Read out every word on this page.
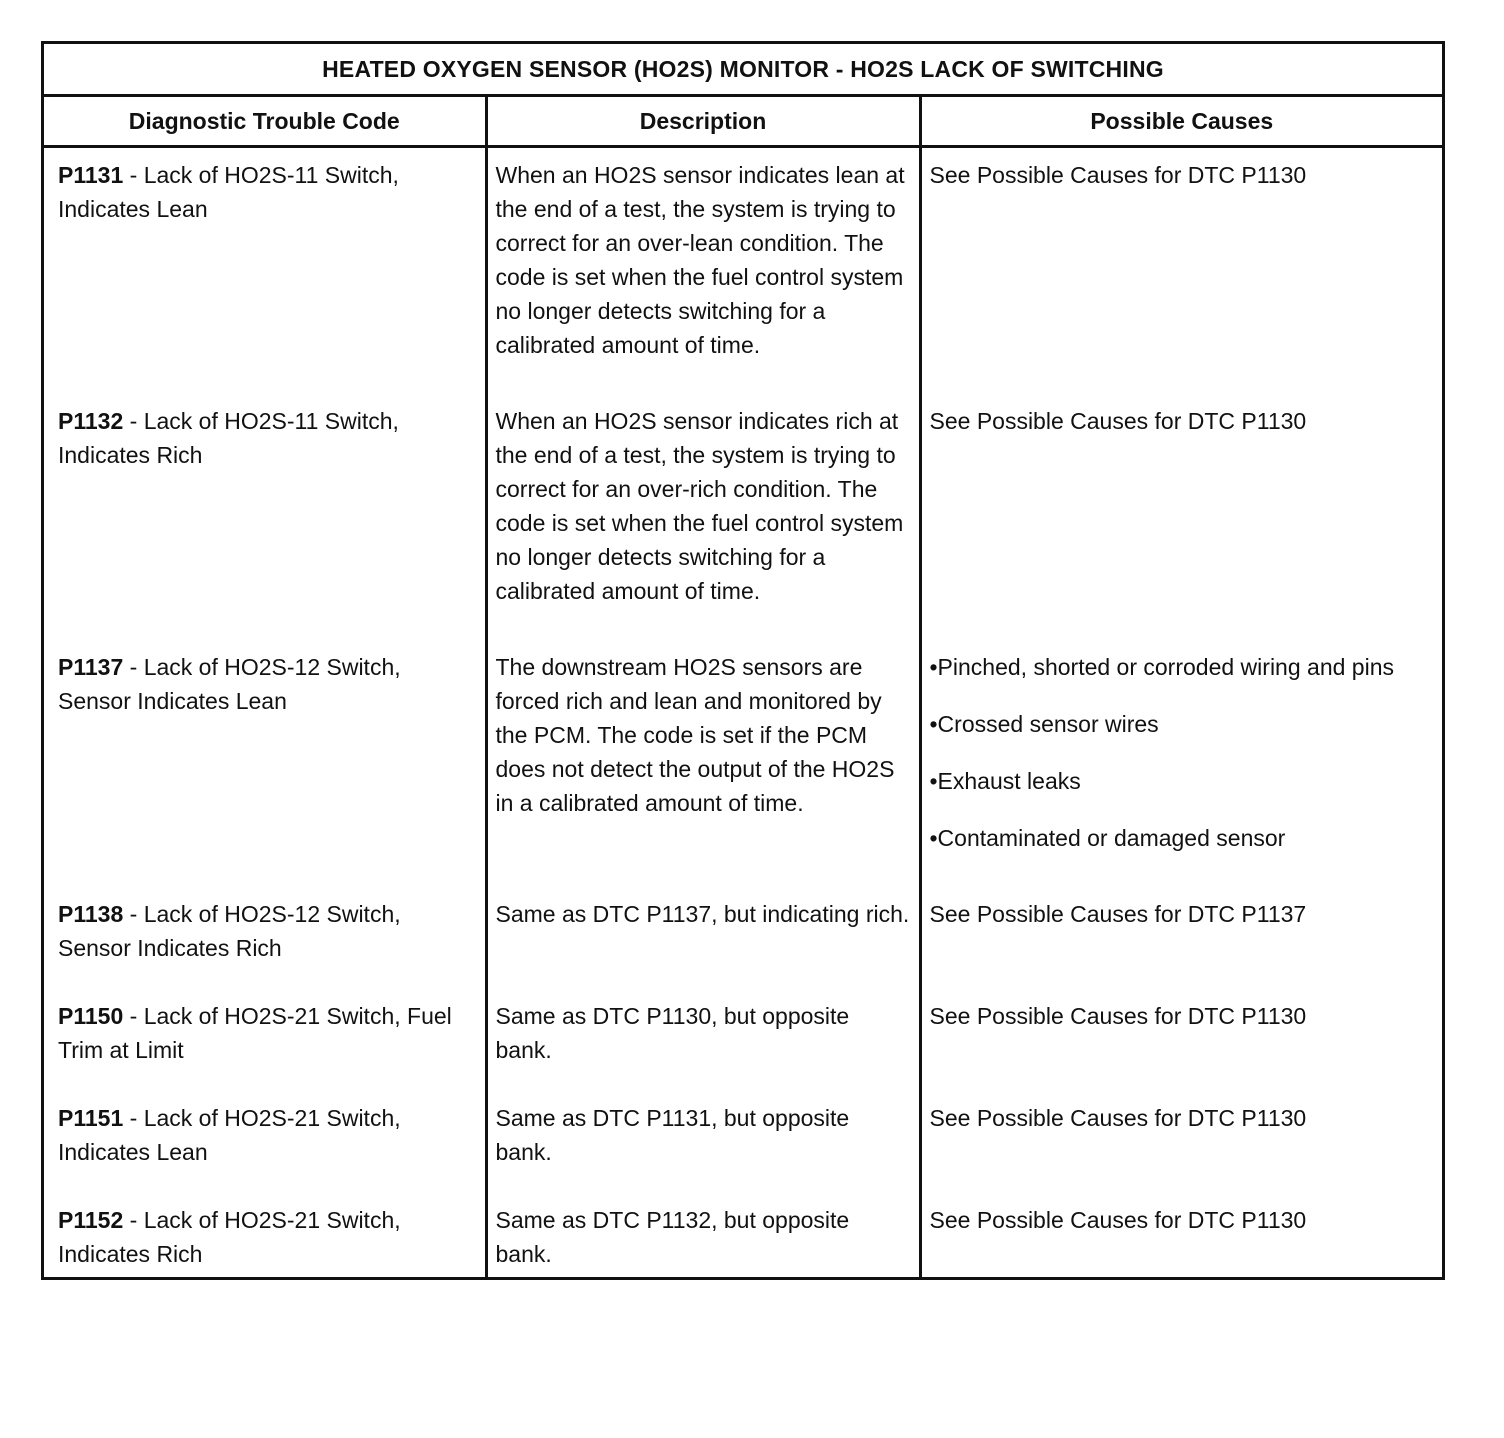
HEATED OXYGEN SENSOR (HO2S) MONITOR - HO2S LACK OF SWITCHING		
Diagnostic Trouble Code	Description	Possible Causes
P1131 - Lack of HO2S-11 Switch, Indicates Lean	When an HO2S sensor indicates lean at the end of a test, the system is trying to correct for an over-lean condition. The code is set when the fuel control system no longer detects switching for a calibrated amount of time.	See Possible Causes for DTC P1130
P1132 - Lack of HO2S-11 Switch, Indicates Rich	When an HO2S sensor indicates rich at the end of a test, the system is trying to correct for an over-rich condition. The code is set when the fuel control system no longer detects switching for a calibrated amount of time.	See Possible Causes for DTC P1130
P1137 - Lack of HO2S-12 Switch, Sensor Indicates Lean	The downstream HO2S sensors are forced rich and lean and monitored by the PCM. The code is set if the PCM does not detect the output of the HO2S in a calibrated amount of time.	•Pinched, shorted or corroded wiring and pins
•Crossed sensor wires
•Exhaust leaks
•Contaminated or damaged sensor

P1138 - Lack of HO2S-12 Switch, Sensor Indicates Rich	Same as DTC P1137, but indicating rich.	See Possible Causes for DTC P1137
P1150 - Lack of HO2S-21 Switch, Fuel Trim at Limit	Same as DTC P1130, but opposite bank.	See Possible Causes for DTC P1130
P1151 - Lack of HO2S-21 Switch, Indicates Lean	Same as DTC P1131, but opposite bank.	See Possible Causes for DTC P1130
P1152 - Lack of HO2S-21 Switch, Indicates Rich	Same as DTC P1132, but opposite bank.	See Possible Causes for DTC P1130
